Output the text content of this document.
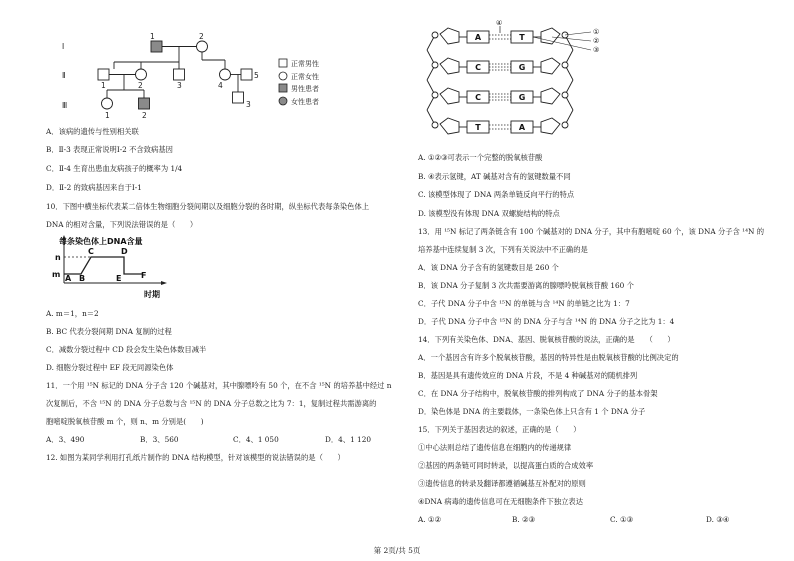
Ⅰ
Ⅱ
Ⅲ
1	2
1	2	3	4
5
1	2
3
正常男性
正常女性
男性患者
女性患者
A．该病的遗传与性别相关联
B．Ⅱ-3 表现正常说明Ⅰ-2 不含致病基因
C．Ⅱ-4 生育出患血友病孩子的概率为 1/4
D．Ⅱ-2 的致病基因来自于Ⅰ-1
10．下图中横坐标代表某二倍体生物细胞分裂间期以及细胞分裂的各时期，纵坐标代表每条染色体上
DNA 的相对含量，下列说法错误的是（　　）
每条染色体上DNA含量
n
m A B
C	D
E F
时期
A. m＝1，n＝2
B. BC 代表分裂间期 DNA 复制的过程
C．减数分裂过程中 CD 段会发生染色体数目减半
D. 细胞分裂过程中 EF 段无同源染色体
11．一个用 ¹⁵N 标记的 DNA 分子含 120 个碱基对，其中腺嘌呤有 50 个，在不含 ¹⁵N 的培养基中经过 n
次复制后，不含 ¹⁵N 的 DNA 分子总数与含 ¹⁵N 的 DNA 分子总数之比为 7：1，复制过程共需游离的
胞嘧啶脱氧核苷酸 m 个，则 n、m 分别是(　　)
A．3、490	B．3、560	C．4、1 050	D．4、1 120
12. 如图为某同学利用打孔纸片制作的 DNA 结构模型，针对该模型的说法错误的是（　　）
A	T
C	G
C	G
T	A
④
①
②
③
A. ①②③可表示一个完整的脱氧核苷酸
B. ④表示氢键，AT 碱基对含有的氢键数量不同
C. 该模型体现了 DNA 两条单链反向平行的特点
D. 该模型没有体现 DNA 双螺旋结构的特点
13．用 ¹⁵N 标记了两条链含有 100 个碱基对的 DNA 分子，其中有胞嘧啶 60 个，该 DNA 分子含 ¹⁴N 的
培养基中连续复制 3 次，下列有关说法中不正确的是
A．该 DNA 分子含有的氢键数目是 260 个
B．该 DNA 分子复制 3 次共需要游离的腺嘌呤脱氧核苷酸 160 个
C．子代 DNA 分子中含 ¹⁵N 的单链与含 ¹⁴N 的单链之比为 1：7
D．子代 DNA 分子中含 ¹⁵N 的 DNA 分子与含 ¹⁴N 的 DNA 分子之比为 1：4
14．下列有关染色体、DNA、基因、脱氧核苷酸的说法，正确的是　　（　　）
A．一个基因含有许多个脱氧核苷酸，基因的特异性是由脱氧核苷酸的比例决定的
B．基因是具有遗传效应的 DNA 片段，不是 4 种碱基对的随机排列
C．在 DNA 分子结构中，脱氧核苷酸的排列构成了 DNA 分子的基本骨架
D．染色体是 DNA 的主要载体，一条染色体上只含有 1 个 DNA 分子
15．下列关于基因表达的叙述，正确的是（　　）
①中心法则总结了遗传信息在细胞内的传递规律
②基因的两条链可同时转录，以提高蛋白质的合成效率
③遗传信息的转录及翻译都遵循碱基互补配对的原则
④DNA 病毒的遗传信息可在无细胞条件下独立表达
A. ①②	B. ②③	C. ①③	D. ③④
第 2页/共 5页
